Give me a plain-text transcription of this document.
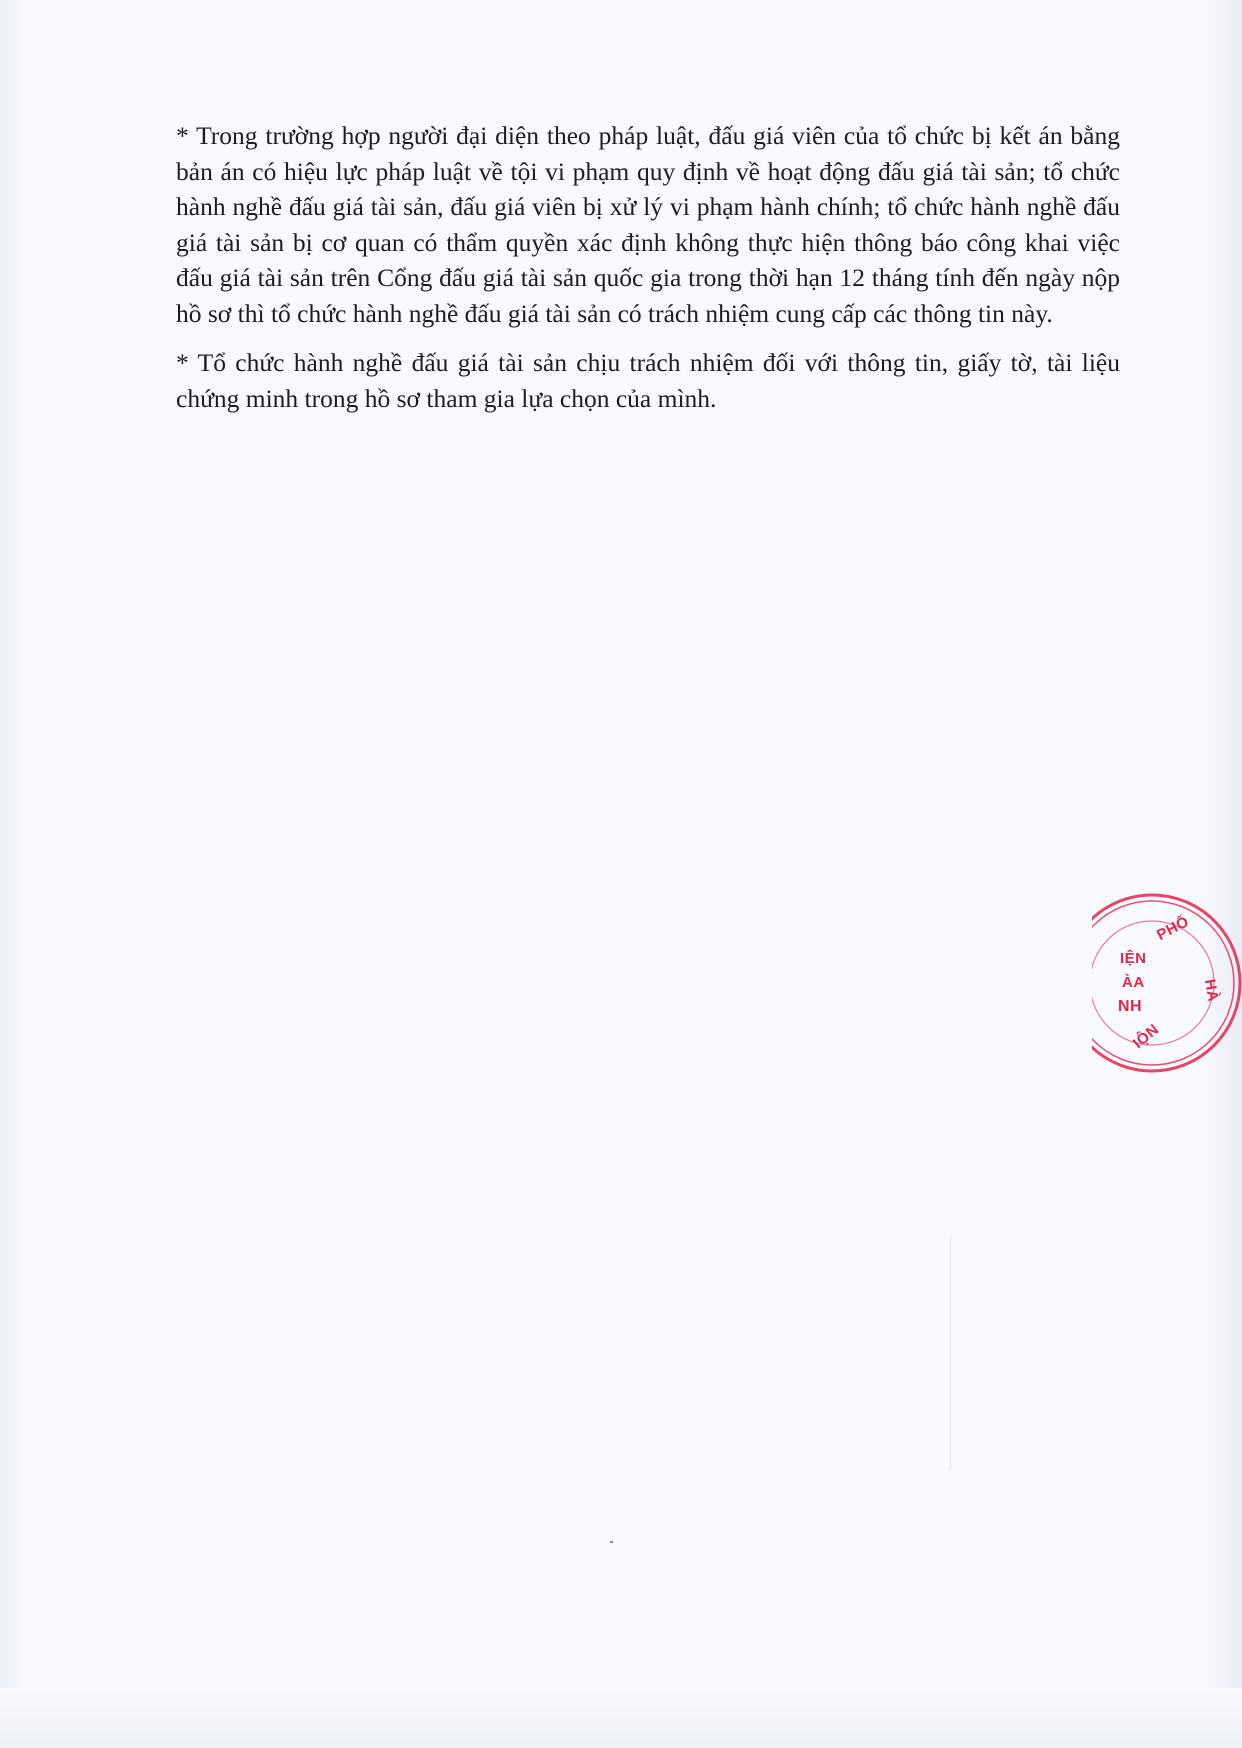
* Trong trường hợp người đại diện theo pháp luật, đấu giá viên của tổ chức bị kết án bằng bản án có hiệu lực pháp luật về tội vi phạm quy định về hoạt động đấu giá tài sản; tổ chức hành nghề đấu giá tài sản, đấu giá viên bị xử lý vi phạm hành chính; tổ chức hành nghề đấu giá tài sản bị cơ quan có thẩm quyền xác định không thực hiện thông báo công khai việc đấu giá tài sản trên Cổng đấu giá tài sản quốc gia trong thời hạn 12 tháng tính đến ngày nộp hồ sơ thì tổ chức hành nghề đấu giá tài sản có trách nhiệm cung cấp các thông tin này.

* Tổ chức hành nghề đấu giá tài sản chịu trách nhiệm đối với thông tin, giấy tờ, tài liệu chứng minh trong hồ sơ tham gia lựa chọn của mình.

PHỐ
IỆN
ÀA
NH
HÀ
IỘN
